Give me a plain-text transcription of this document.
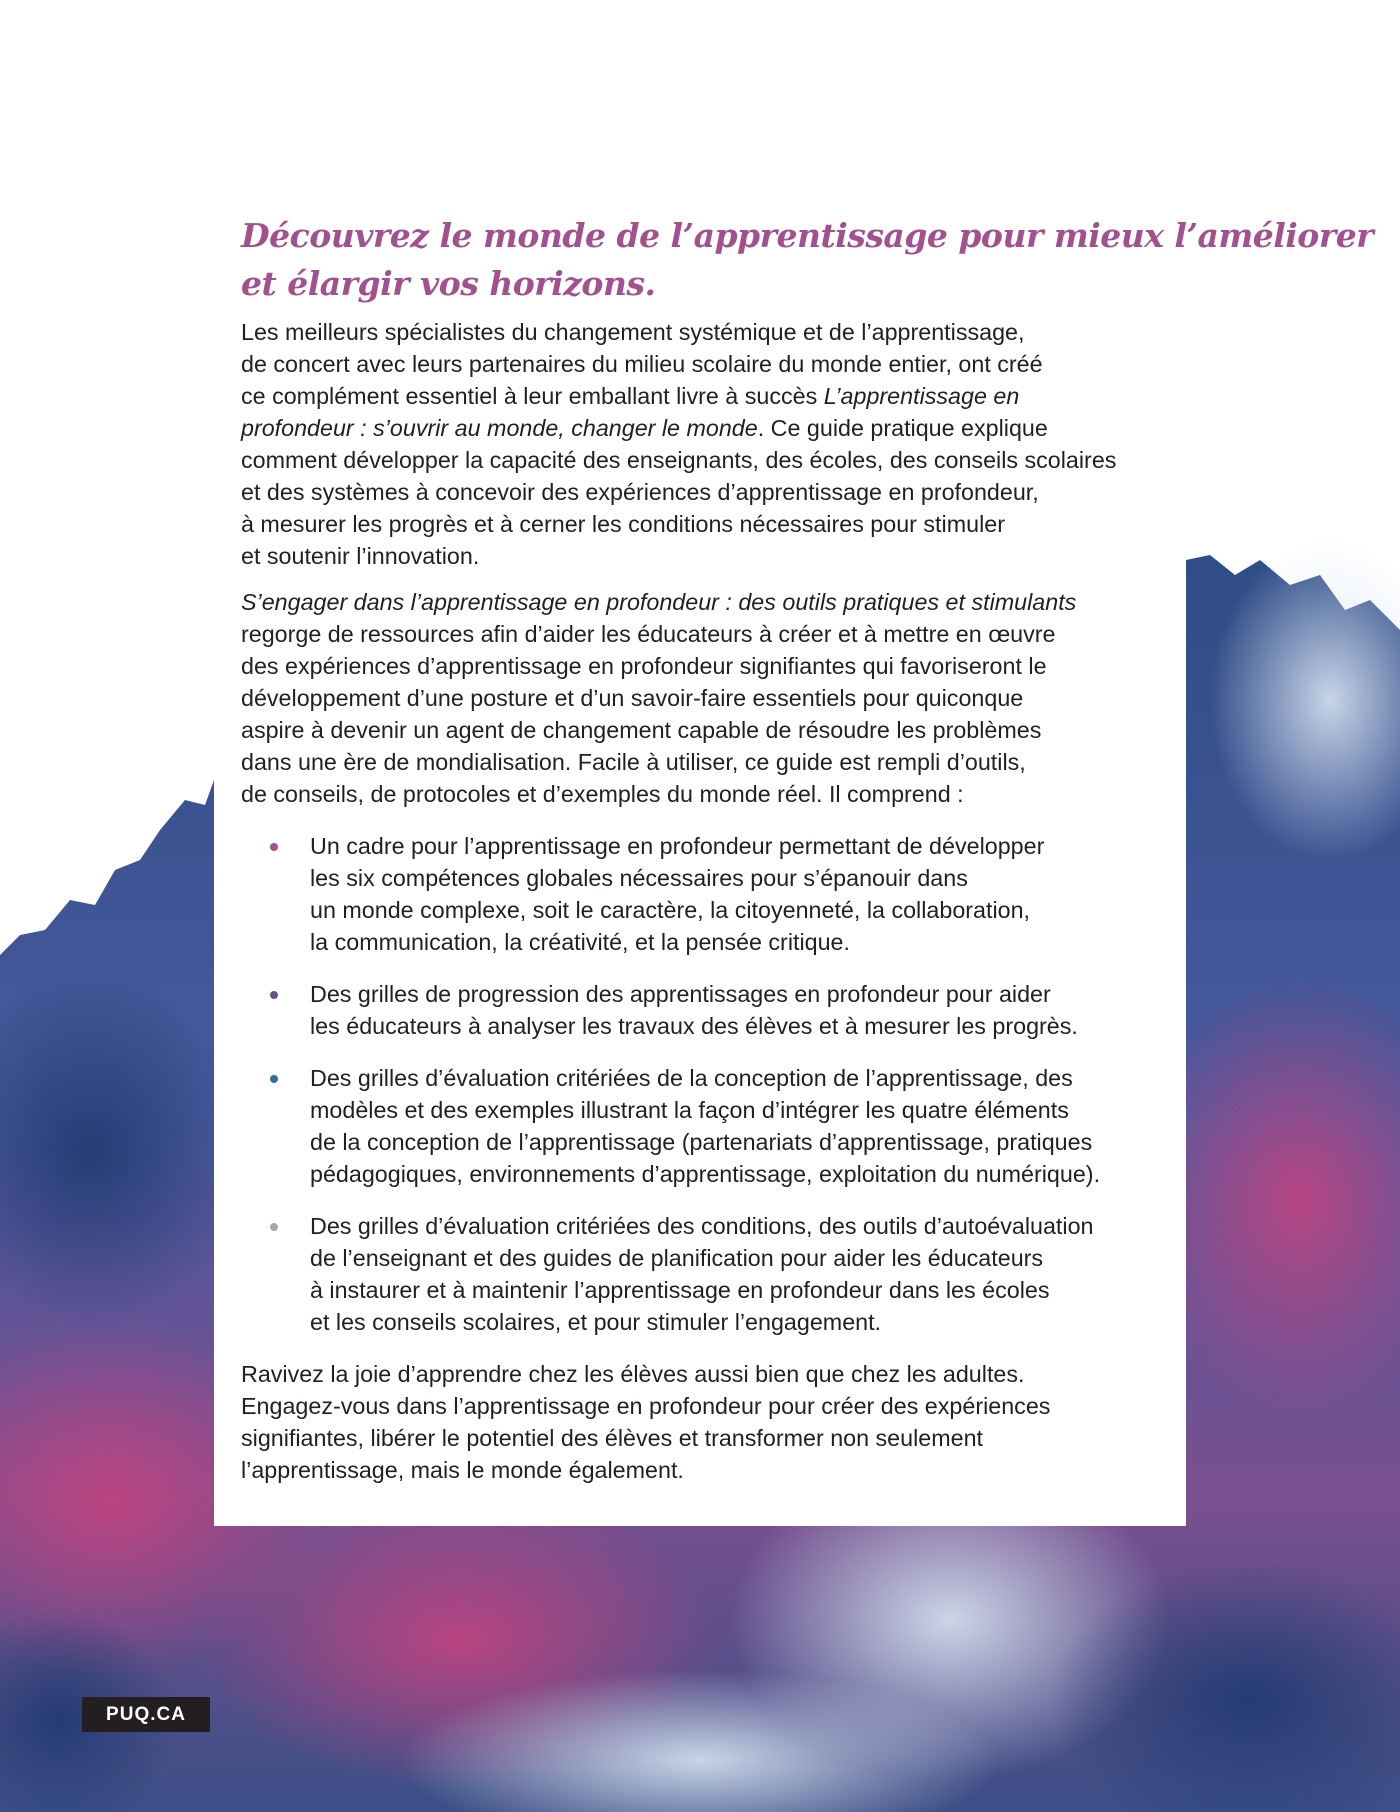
Découvrez le monde de l’apprentissage pour mieux l’améliorer
et élargir vos horizons.

Les meilleurs spécialistes du changement systémique et de l’apprentissage,
de concert avec leurs partenaires du milieu scolaire du monde entier, ont créé
ce complément essentiel à leur emballant livre à succès L’apprentissage en
profondeur : s’ouvrir au monde, changer le monde. Ce guide pratique explique
comment développer la capacité des enseignants, des écoles, des conseils scolaires
et des systèmes à concevoir des expériences d’apprentissage en profondeur,
à mesurer les progrès et à cerner les conditions nécessaires pour stimuler
et soutenir l’innovation.

S’engager dans l’apprentissage en profondeur : des outils pratiques et stimulants
regorge de ressources afin d’aider les éducateurs à créer et à mettre en œuvre
des expériences d’apprentissage en profondeur signifiantes qui favoriseront le
développement d’une posture et d’un savoir-faire essentiels pour quiconque
aspire à devenir un agent de changement capable de résoudre les problèmes
dans une ère de mondialisation. Facile à utiliser, ce guide est rempli d’outils,
de conseils, de protocoles et d’exemples du monde réel. Il comprend :

Un cadre pour l’apprentissage en profondeur permettant de développer
les six compétences globales nécessaires pour s’épanouir dans
un monde complexe, soit le caractère, la citoyenneté, la collaboration,
la communication, la créativité, et la pensée critique.
Des grilles de progression des apprentissages en profondeur pour aider
les éducateurs à analyser les travaux des élèves et à mesurer les progrès.
Des grilles d’évaluation critériées de la conception de l’apprentissage, des
modèles et des exemples illustrant la façon d’intégrer les quatre éléments
de la conception de l’apprentissage (partenariats d’apprentissage, pratiques
pédagogiques, environnements d’apprentissage, exploitation du numérique).
Des grilles d’évaluation critériées des conditions, des outils d’autoévaluation
de l’enseignant et des guides de planification pour aider les éducateurs
à instaurer et à maintenir l’apprentissage en profondeur dans les écoles
et les conseils scolaires, et pour stimuler l’engagement.

Ravivez la joie d’apprendre chez les élèves aussi bien que chez les adultes.
Engagez-vous dans l’apprentissage en profondeur pour créer des expériences
signifiantes, libérer le potentiel des élèves et transformer non seulement
l’apprentissage, mais le monde également.

PUQ.CA
